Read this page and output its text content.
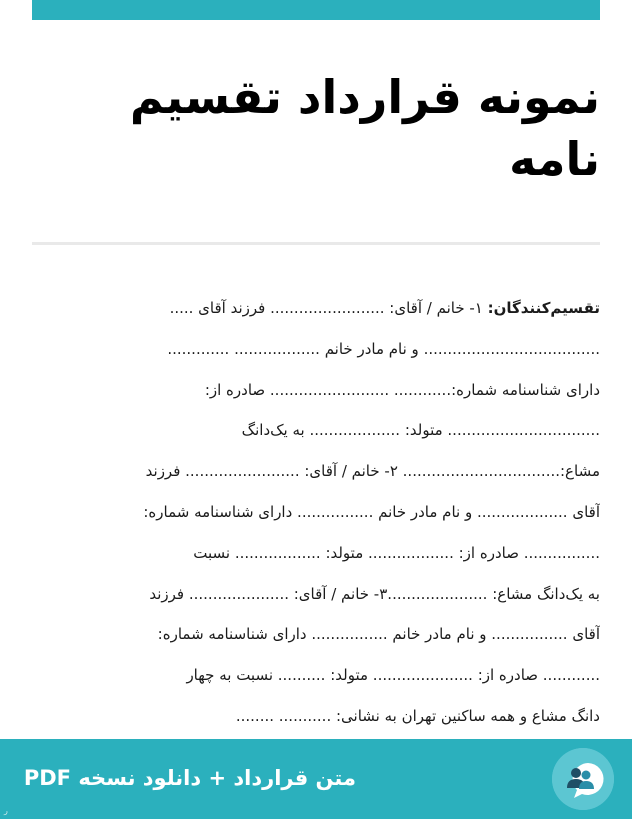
نمونه قرارداد تقسیم
نامه
تقسیم‌کنندگان: ۱- خانم / آقای: ........................ فرزند آقای .....
..................................... و نام مادر خانم .................. .............
دارای شناسنامه شماره:............ ......................... صادره از:
................................ متولد: ................... به یک‌دانگ
مشاع:................................. ۲- خانم / آقای: ........................ فرزند
آقای ................... و نام مادر خانم ................ دارای شناسنامه شماره:
................ صادره از: .................. متولد: .................. نسبت
به یک‌دانگ مشاع: .....................۳- خانم / آقای: ..................... فرزند
آقای ................ و نام مادر خانم ................ دارای شناسنامه شماره:
............ صادره از: ..................... متولد: .......... نسبت به چهار
دانگ مشاع و همه ساکنین تهران به نشانی: ........... ........
متن قرارداد + دانلود نسخه PDF
ر
